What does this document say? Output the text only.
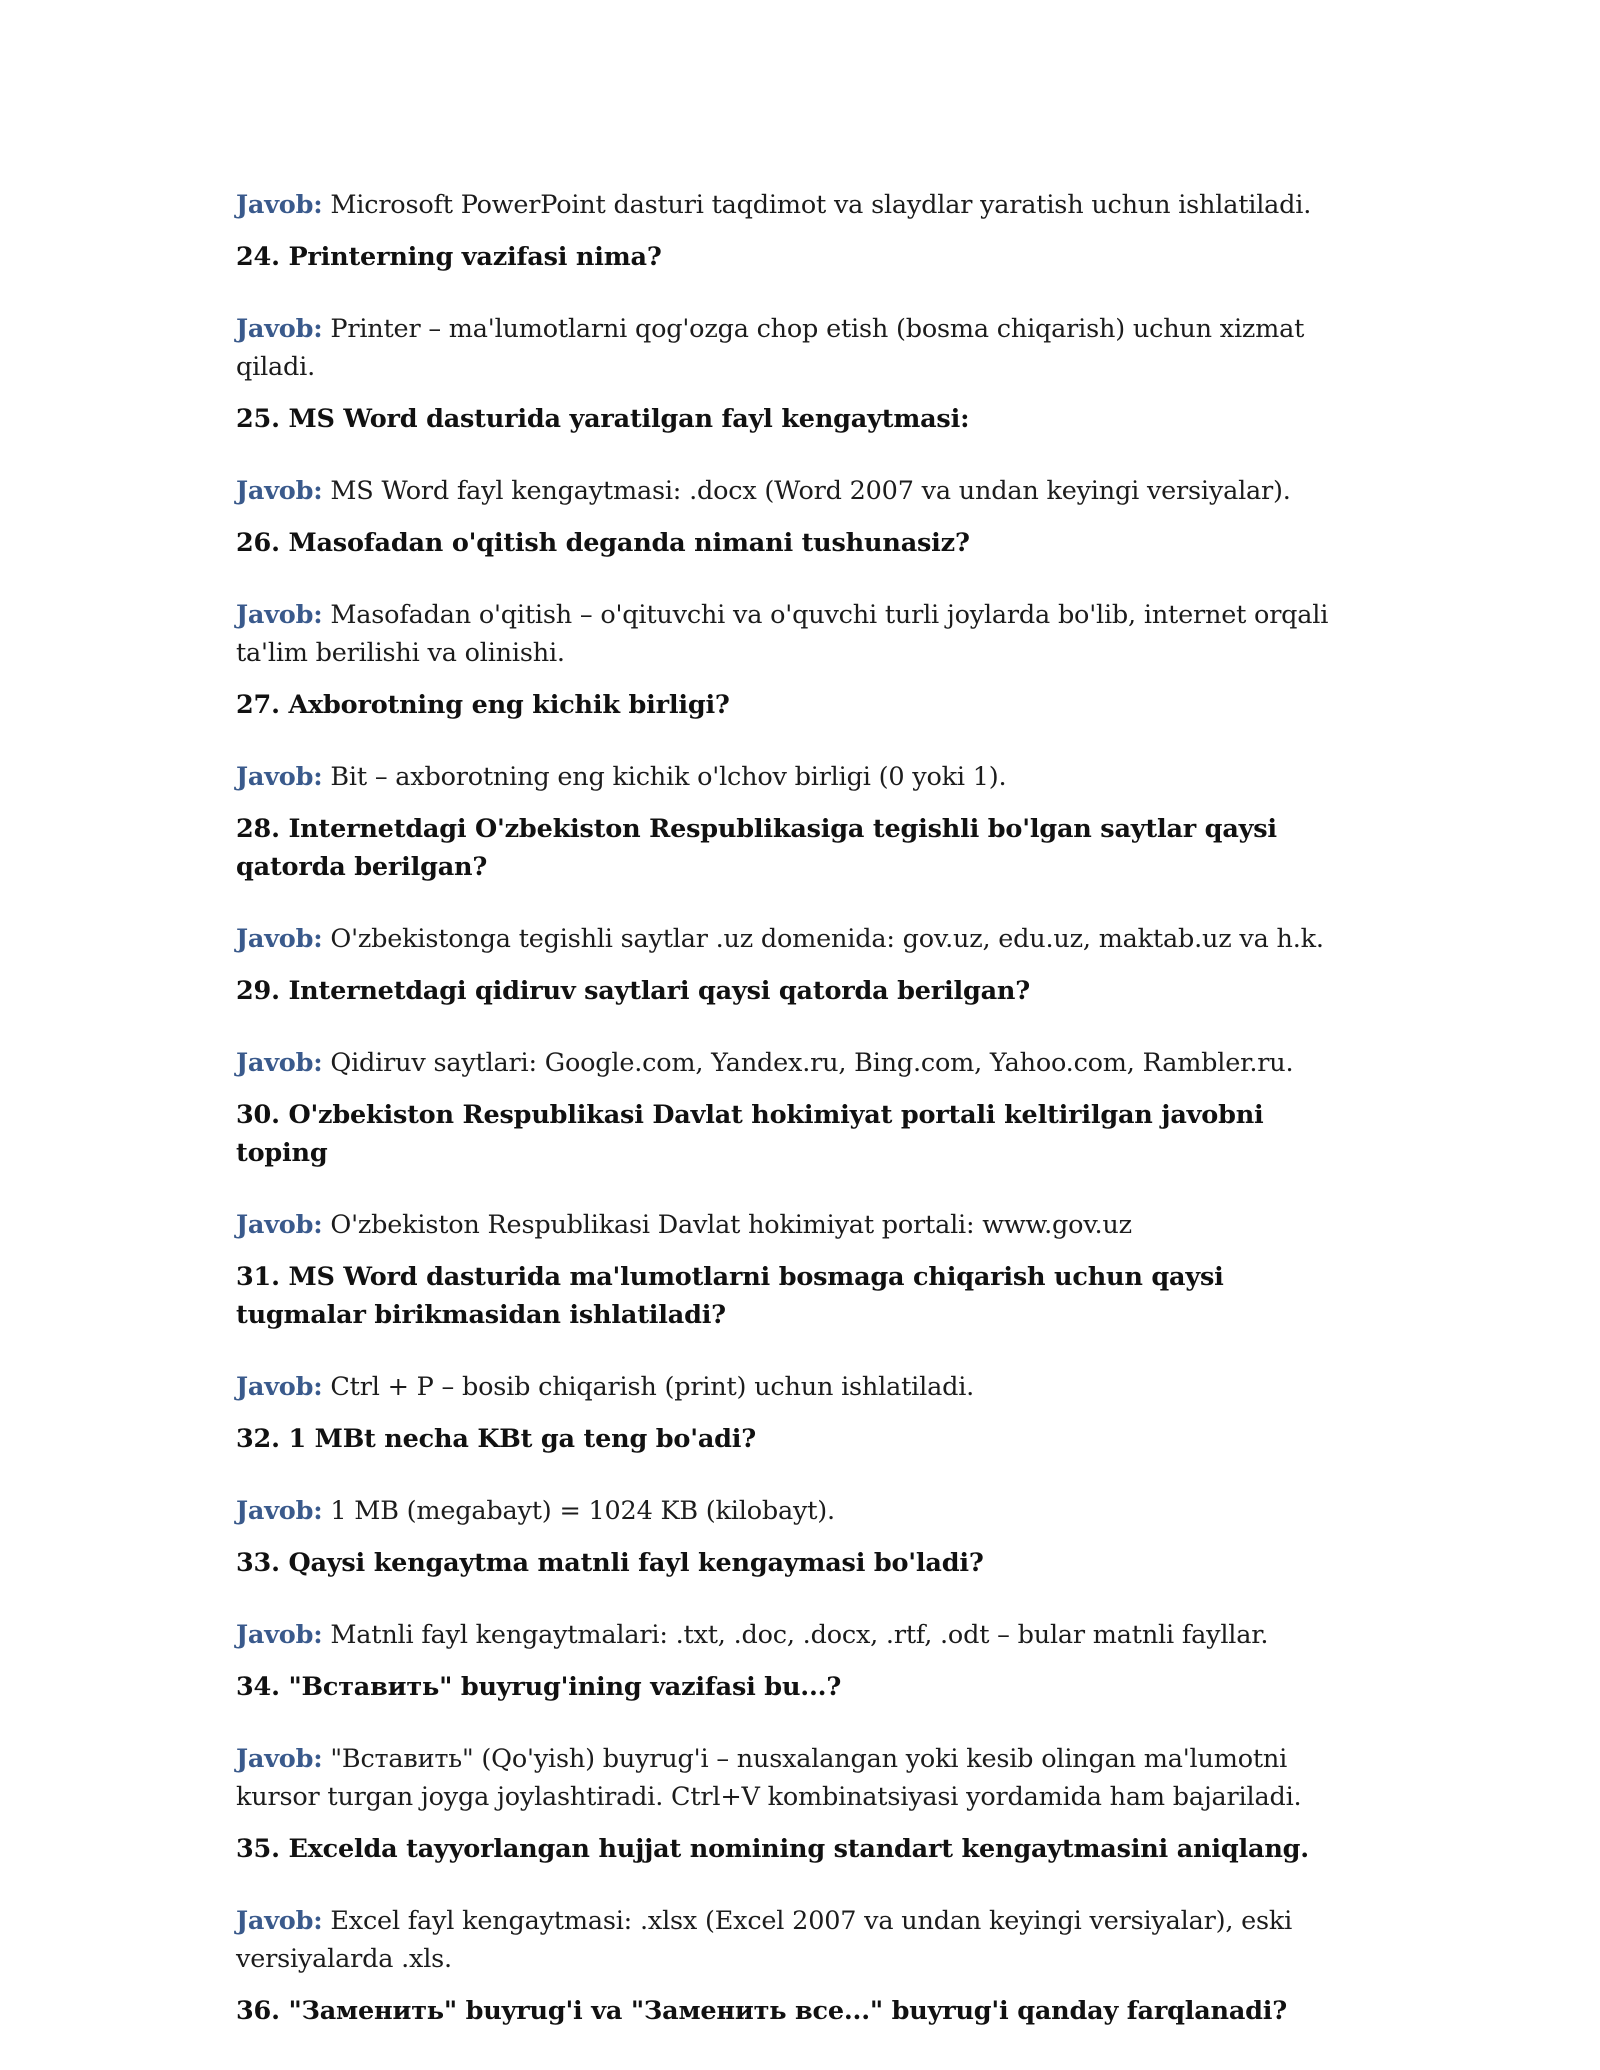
Javob: Microsoft PowerPoint dasturi taqdimot va slaydlar yaratish uchun ishlatiladi.

24. Printerning vazifasi nima?

Javob: Printer – ma'lumotlarni qog'ozga chop etish (bosma chiqarish) uchun xizmat qiladi.

25. MS Word dasturida yaratilgan fayl kengaytmasi:

Javob: MS Word fayl kengaytmasi: .docx (Word 2007 va undan keyingi versiyalar).

26. Masofadan o'qitish deganda nimani tushunasiz?

Javob: Masofadan o'qitish – o'qituvchi va o'quvchi turli joylarda bo'lib, internet orqali ta'lim berilishi va olinishi.

27. Axborotning eng kichik birligi?

Javob: Bit – axborotning eng kichik o'lchov birligi (0 yoki 1).

28. Internetdagi O'zbekiston Respublikasiga tegishli bo'lgan saytlar qaysi qatorda berilgan?

Javob: O'zbekistonga tegishli saytlar .uz domenida: gov.uz, edu.uz, maktab.uz va h.k.

29. Internetdagi qidiruv saytlari qaysi qatorda berilgan?

Javob: Qidiruv saytlari: Google.com, Yandex.ru, Bing.com, Yahoo.com, Rambler.ru.

30. O'zbekiston Respublikasi Davlat hokimiyat portali keltirilgan javobni toping

Javob: O'zbekiston Respublikasi Davlat hokimiyat portali: www.gov.uz

31. MS Word dasturida ma'lumotlarni bosmaga chiqarish uchun qaysi tugmalar birikmasidan ishlatiladi?

Javob: Ctrl + P – bosib chiqarish (print) uchun ishlatiladi.

32. 1 MBt necha KBt ga teng bo'adi?

Javob: 1 MB (megabayt) = 1024 KB (kilobayt).

33. Qaysi kengaytma matnli fayl kengaymasi bo'ladi?

Javob: Matnli fayl kengaytmalari: .txt, .doc, .docx, .rtf, .odt – bular matnli fayllar.

34. "Вставить" buyrug'ining vazifasi bu...?

Javob: "Вставить" (Qo'yish) buyrug'i – nusxalangan yoki kesib olingan ma'lumotni kursor turgan joyga joylashtiradi. Ctrl+V kombinatsiyasi yordamida ham bajariladi.

35. Excelda tayyorlangan hujjat nomining standart kengaytmasini aniqlang.

Javob: Excel fayl kengaytmasi: .xlsx (Excel 2007 va undan keyingi versiyalar), eski versiyalarda .xls.

36. "Заменить" buyrug'i va "Заменить все..." buyrug'i qanday farqlanadi?
